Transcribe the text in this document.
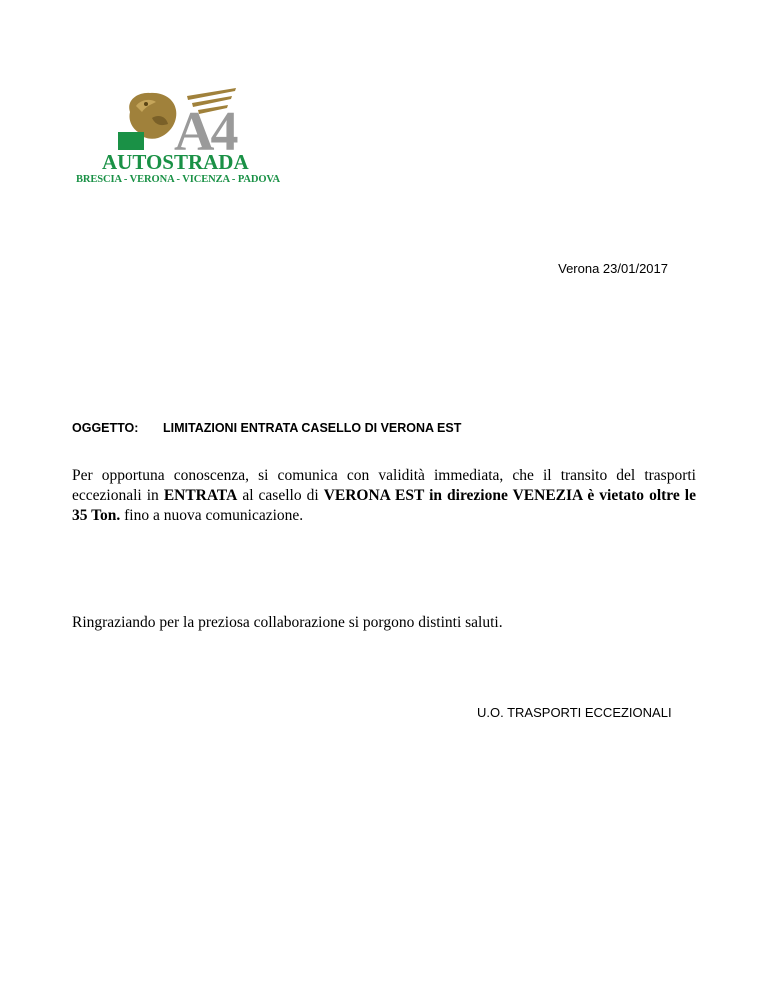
A4
AUTOSTRADA
BRESCIA - VERONA - VICENZA - PADOVA
Verona 23/01/2017
OGGETTO: LIMITAZIONI ENTRATA CASELLO DI VERONA EST
Per opportuna conoscenza, si comunica con validità immediata, che il transito del trasporti eccezionali in ENTRATA al casello di VERONA EST in direzione VENEZIA è vietato oltre le 35 Ton. fino a nuova comunicazione.
Ringraziando per la preziosa collaborazione si porgono distinti saluti.
U.O. TRASPORTI ECCEZIONALI
